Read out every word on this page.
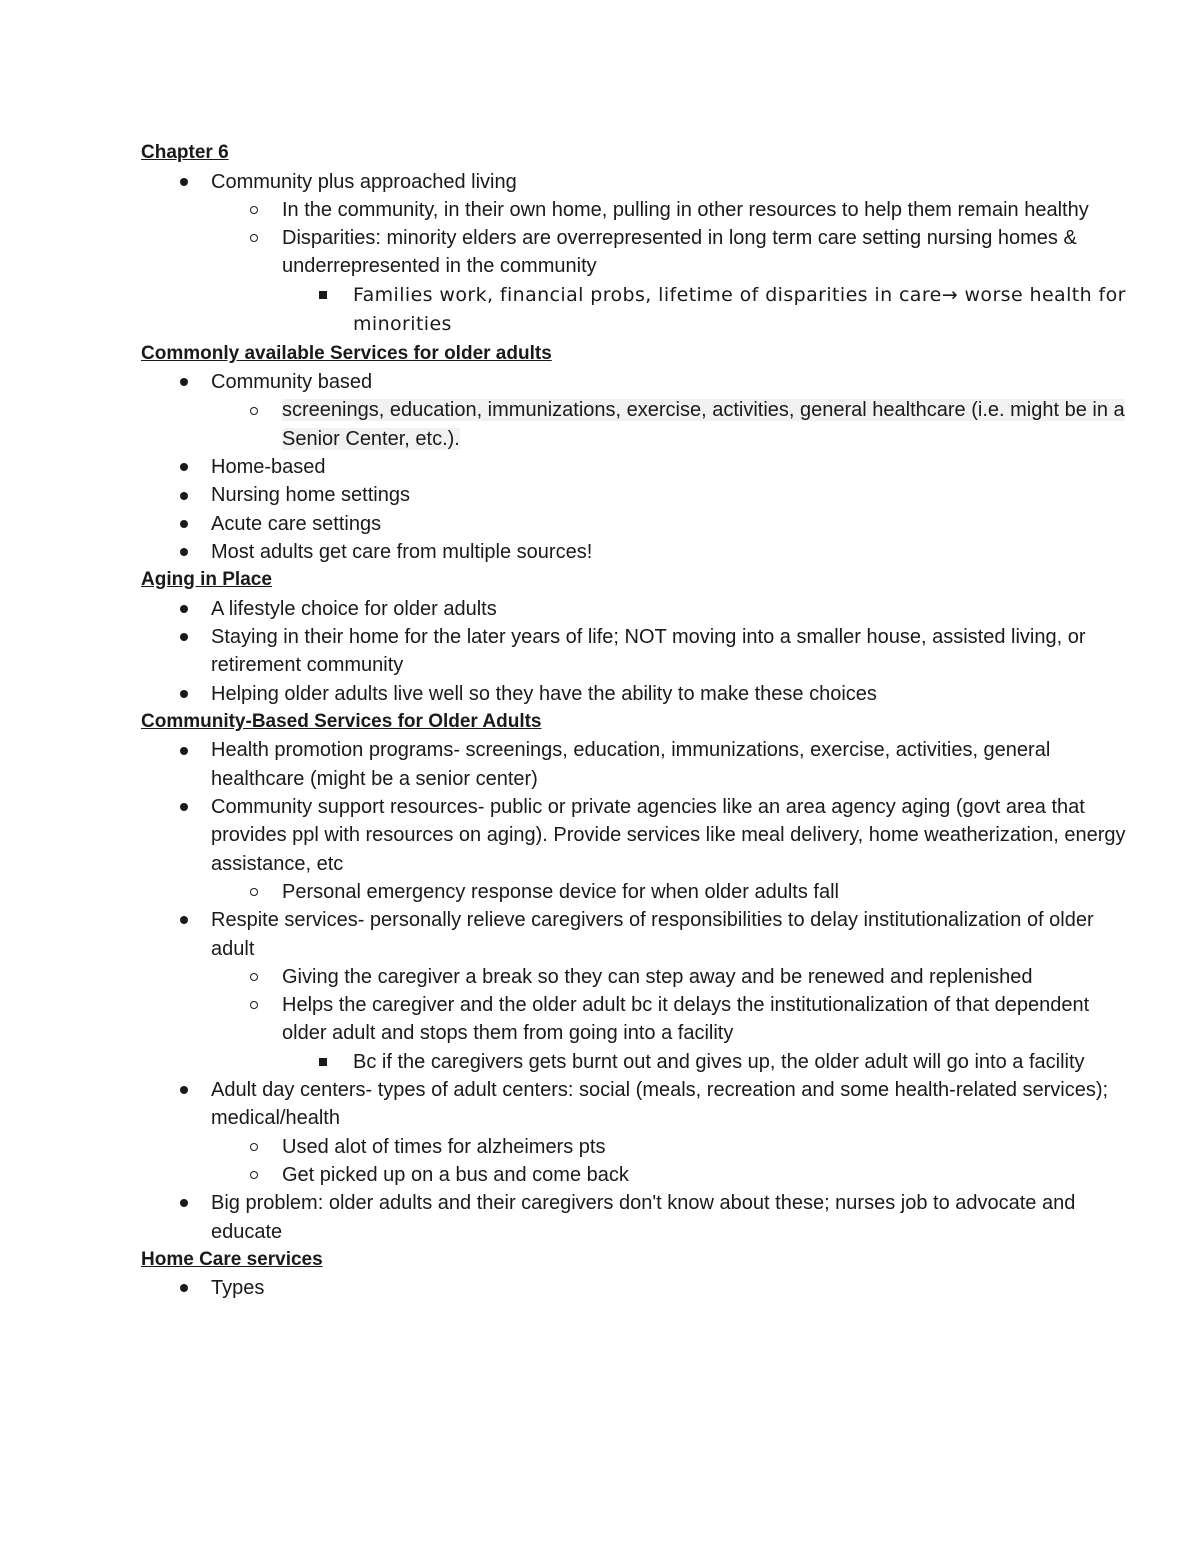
Chapter 6
Community plus approached living
In the community, in their own home, pulling in other resources to help them remain healthy
Disparities: minority elders are overrepresented in long term care setting nursing homes & underrepresented in the community
Families work, financial probs, lifetime of disparities in care→ worse health for minorities
Commonly available Services for older adults
Community based
screenings, education, immunizations, exercise, activities, general healthcare (i.e. might be in a Senior Center, etc.).
Home-based
Nursing home settings
Acute care settings
Most adults get care from multiple sources!
Aging in Place
A lifestyle choice for older adults
Staying in their home for the later years of life; NOT moving into a smaller house, assisted living, or retirement community
Helping older adults live well so they have the ability to make these choices
Community-Based Services for Older Adults
Health promotion programs- screenings, education, immunizations, exercise, activities, general healthcare (might be a senior center)
Community support resources- public or private agencies like an area agency aging (govt area that provides ppl with resources on aging). Provide services like meal delivery, home weatherization, energy assistance, etc
Personal emergency response device for when older adults fall
Respite services- personally relieve caregivers of responsibilities to delay institutionalization of older adult
Giving the caregiver a break so they can step away and be renewed and replenished
Helps the caregiver and the older adult bc it delays the institutionalization of that dependent older adult and stops them from going into a facility
Bc if the caregivers gets burnt out and gives up, the older adult will go into a facility
Adult day centers- types of adult centers: social (meals, recreation and some health-related services); medical/health
Used alot of times for alzheimers pts
Get picked up on a bus and come back
Big problem: older adults and their caregivers don't know about these; nurses job to advocate and educate
Home Care services
Types
